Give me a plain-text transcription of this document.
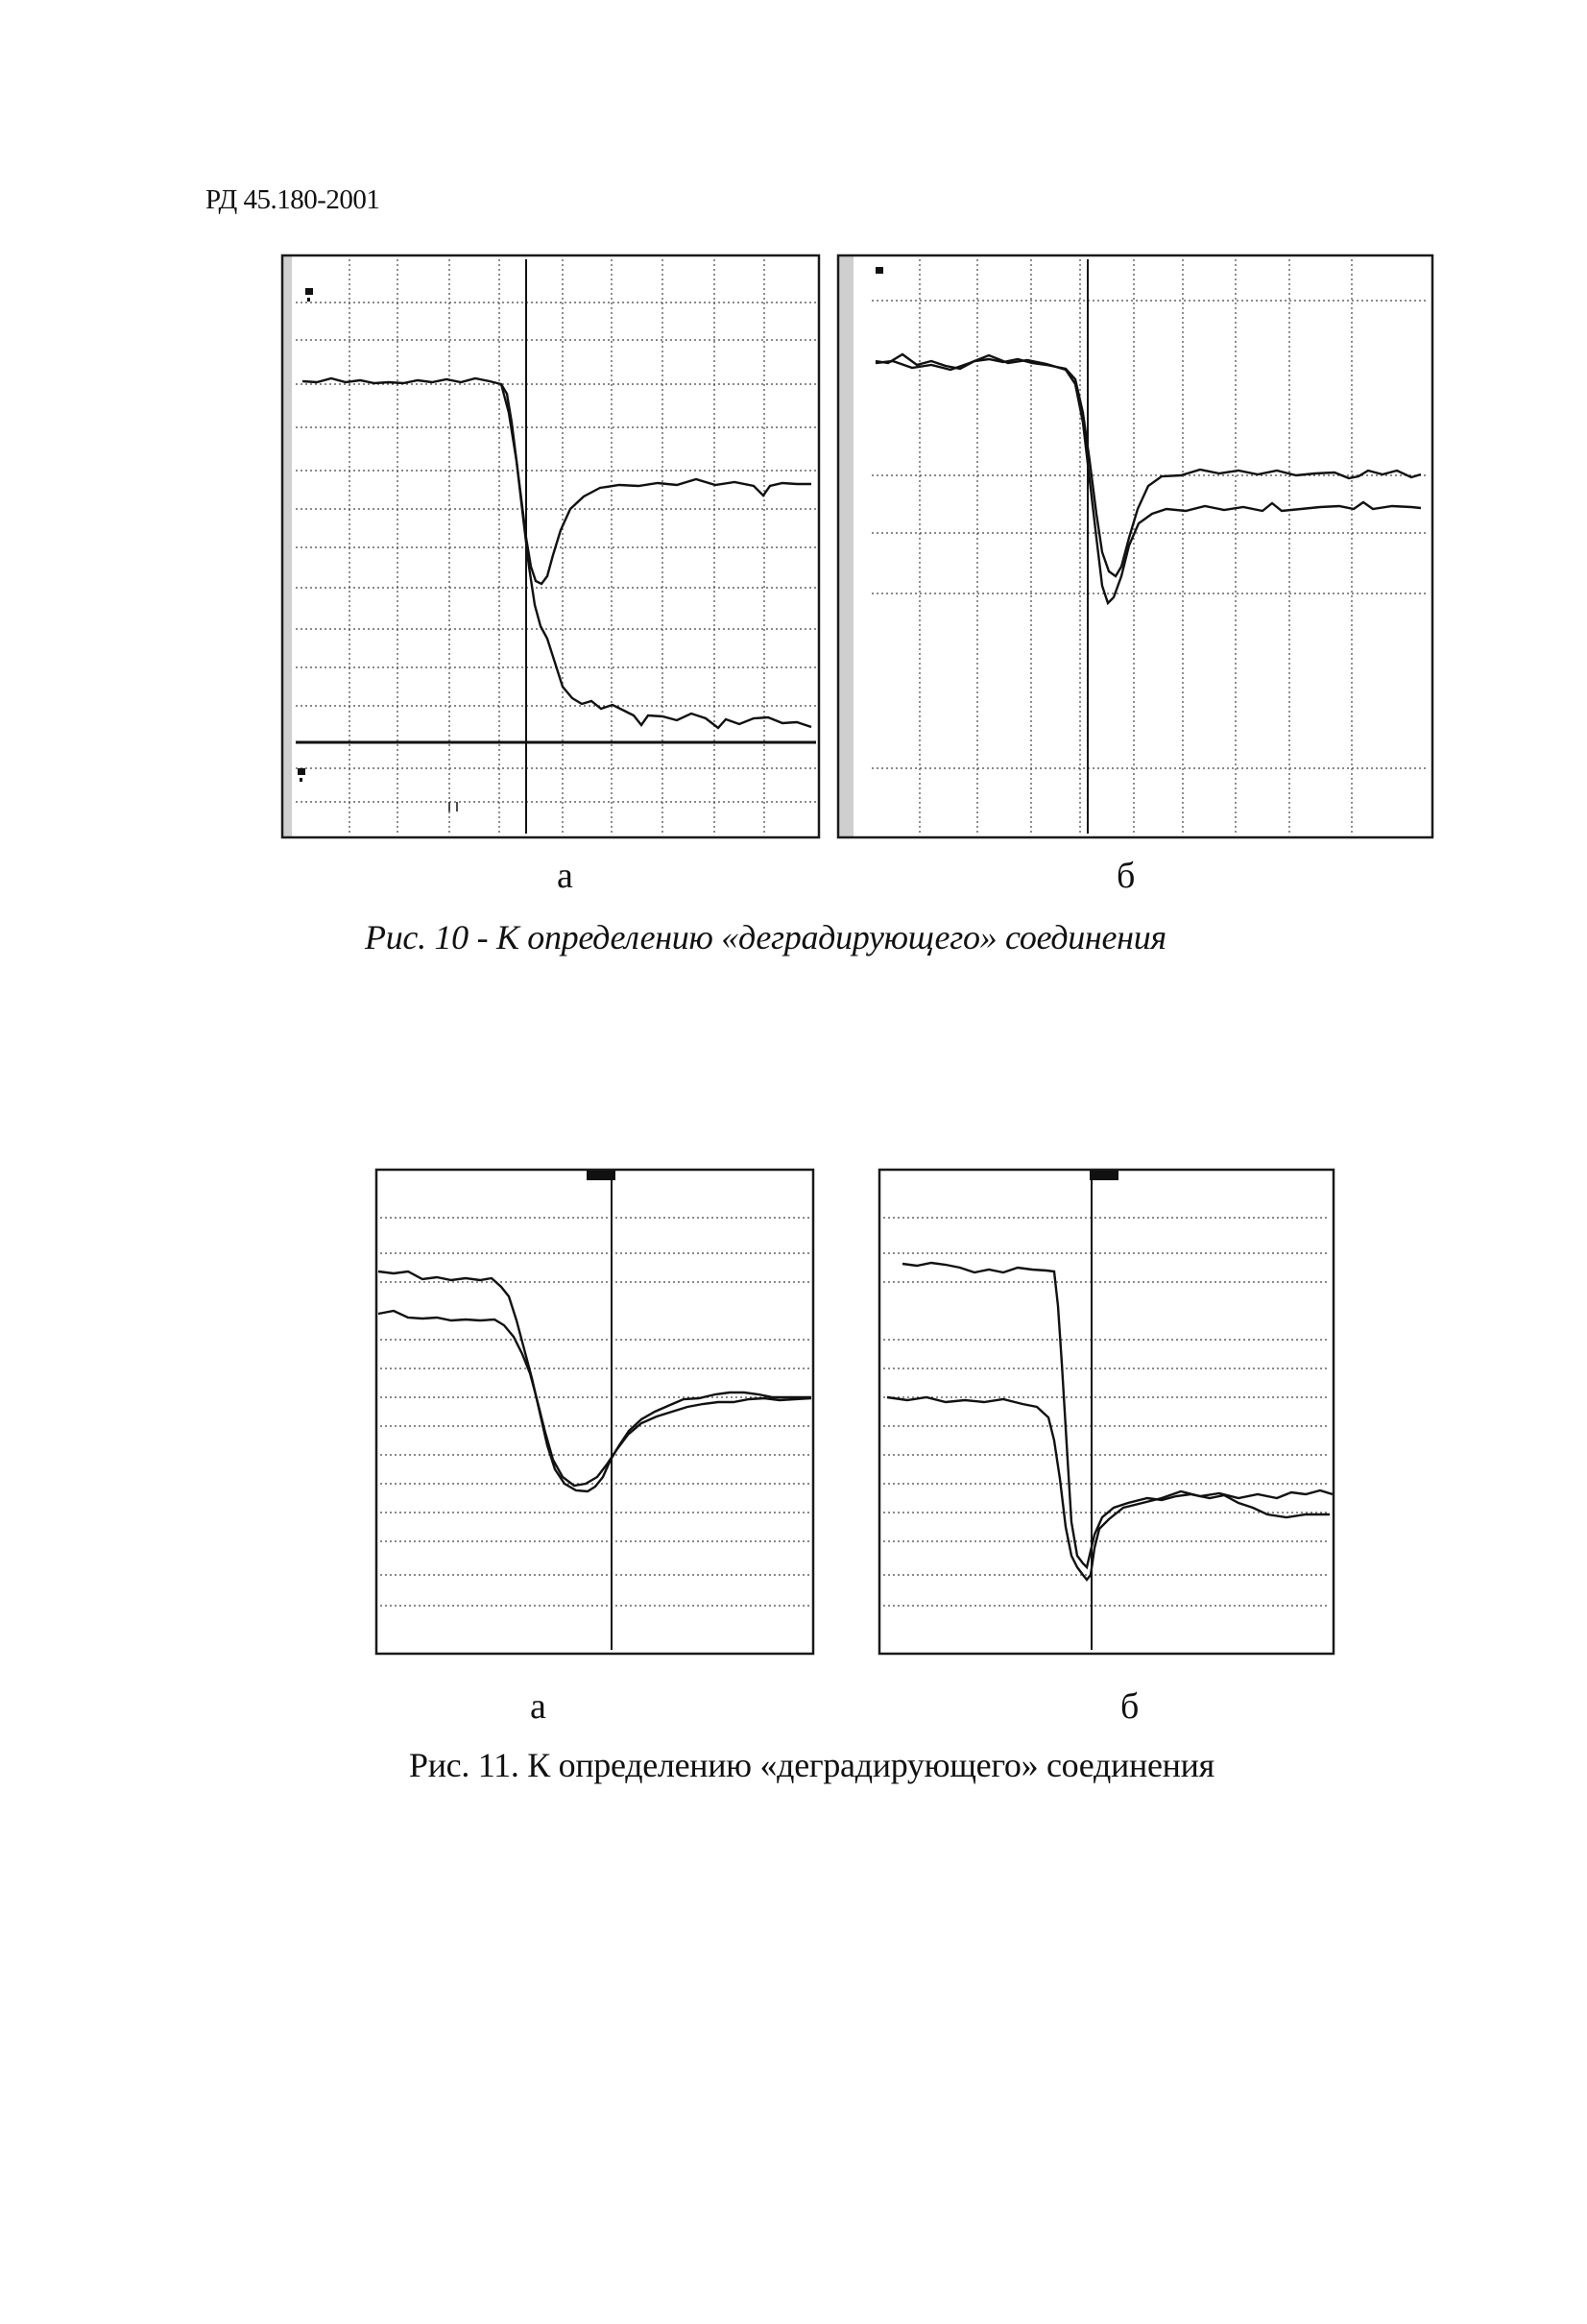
РД 45.180-2001
а	б
Рис. 10 - К определению «деградирующего» соединения
а	б
Рис. 11. К определению «деградирующего» соединения
